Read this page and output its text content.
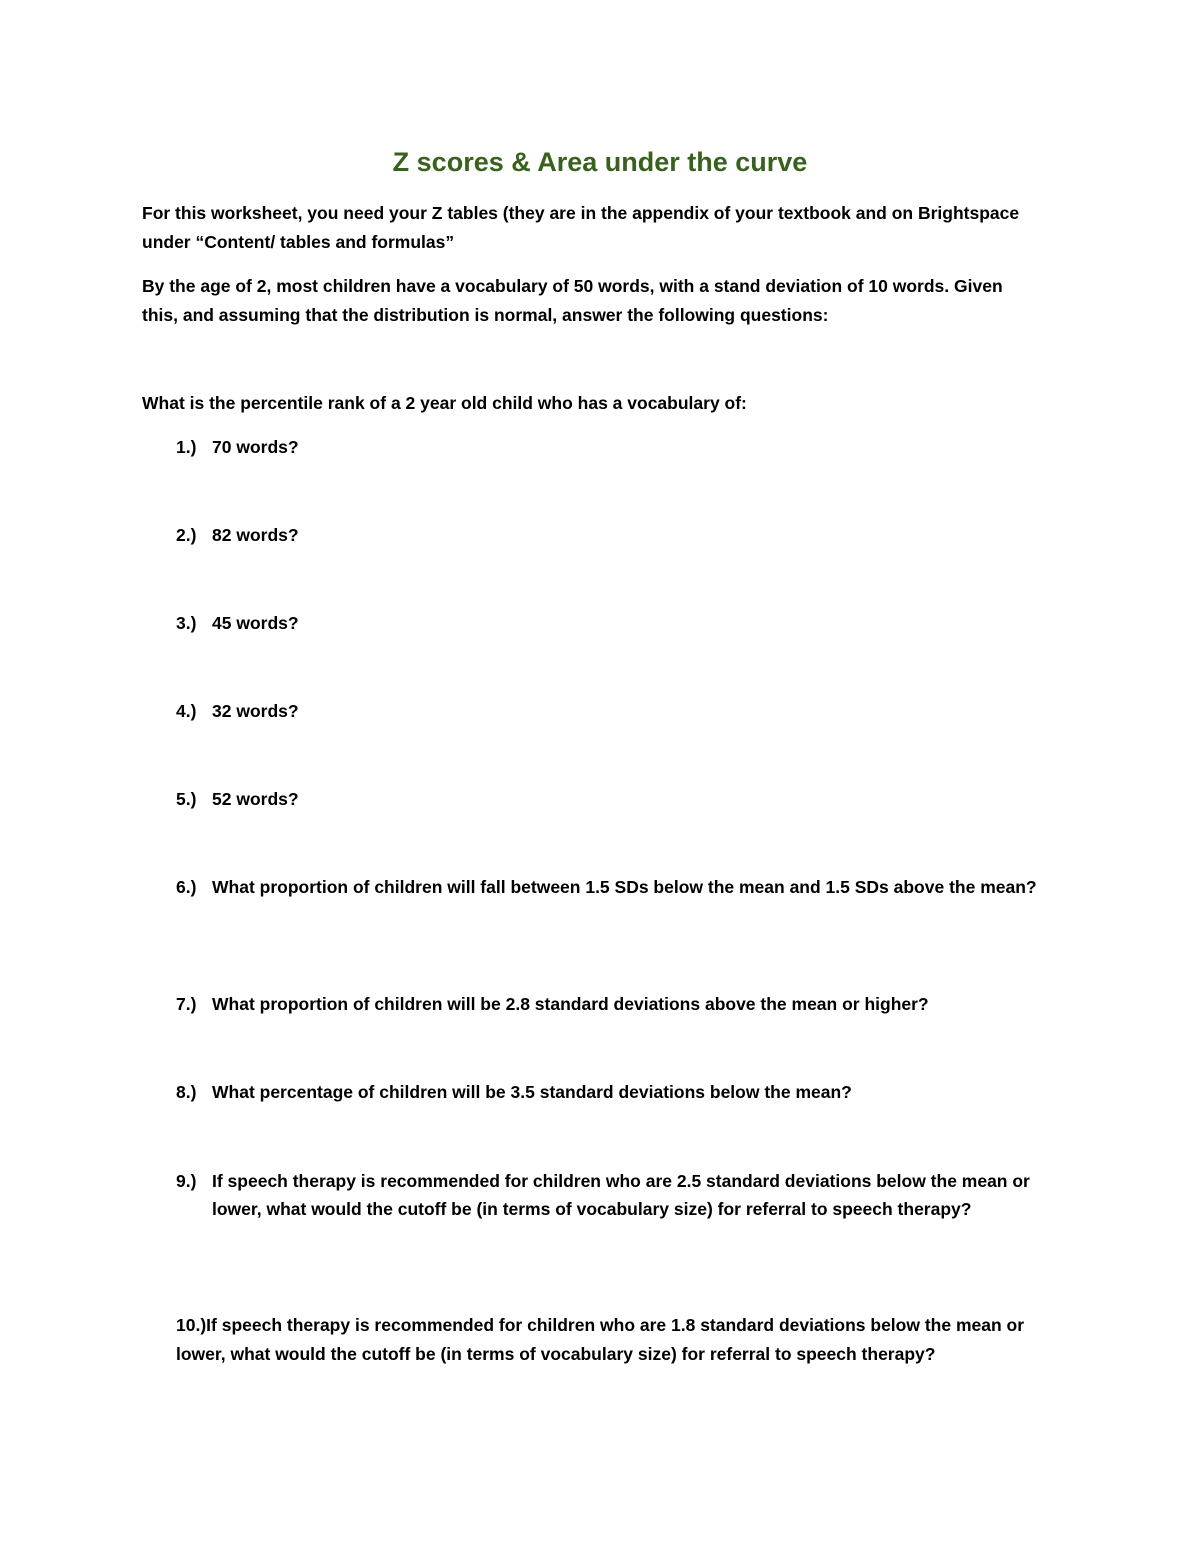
Z scores & Area under the curve

For this worksheet, you need your Z tables (they are in the appendix of your textbook and on Brightspace under “Content/ tables and formulas”

By the age of 2, most children have a vocabulary of 50 words, with a stand deviation of 10 words. Given this, and assuming that the distribution is normal, answer the following questions:

What is the percentile rank of a 2 year old child who has a vocabulary of:

1.) 70 words?
2.) 82 words?
3.) 45 words?
4.) 32 words?
5.) 52 words?
6.) What proportion of children will fall between 1.5 SDs below the mean and 1.5 SDs above the mean?
7.) What proportion of children will be 2.8 standard deviations above the mean or higher?
8.) What percentage of children will be 3.5 standard deviations below the mean?
9.) If speech therapy is recommended for children who are 2.5 standard deviations below the mean or lower, what would the cutoff be (in terms of vocabulary size) for referral to speech therapy?

10.)If speech therapy is recommended for children who are 1.8 standard deviations below the mean or lower, what would the cutoff be (in terms of vocabulary size) for referral to speech therapy?
